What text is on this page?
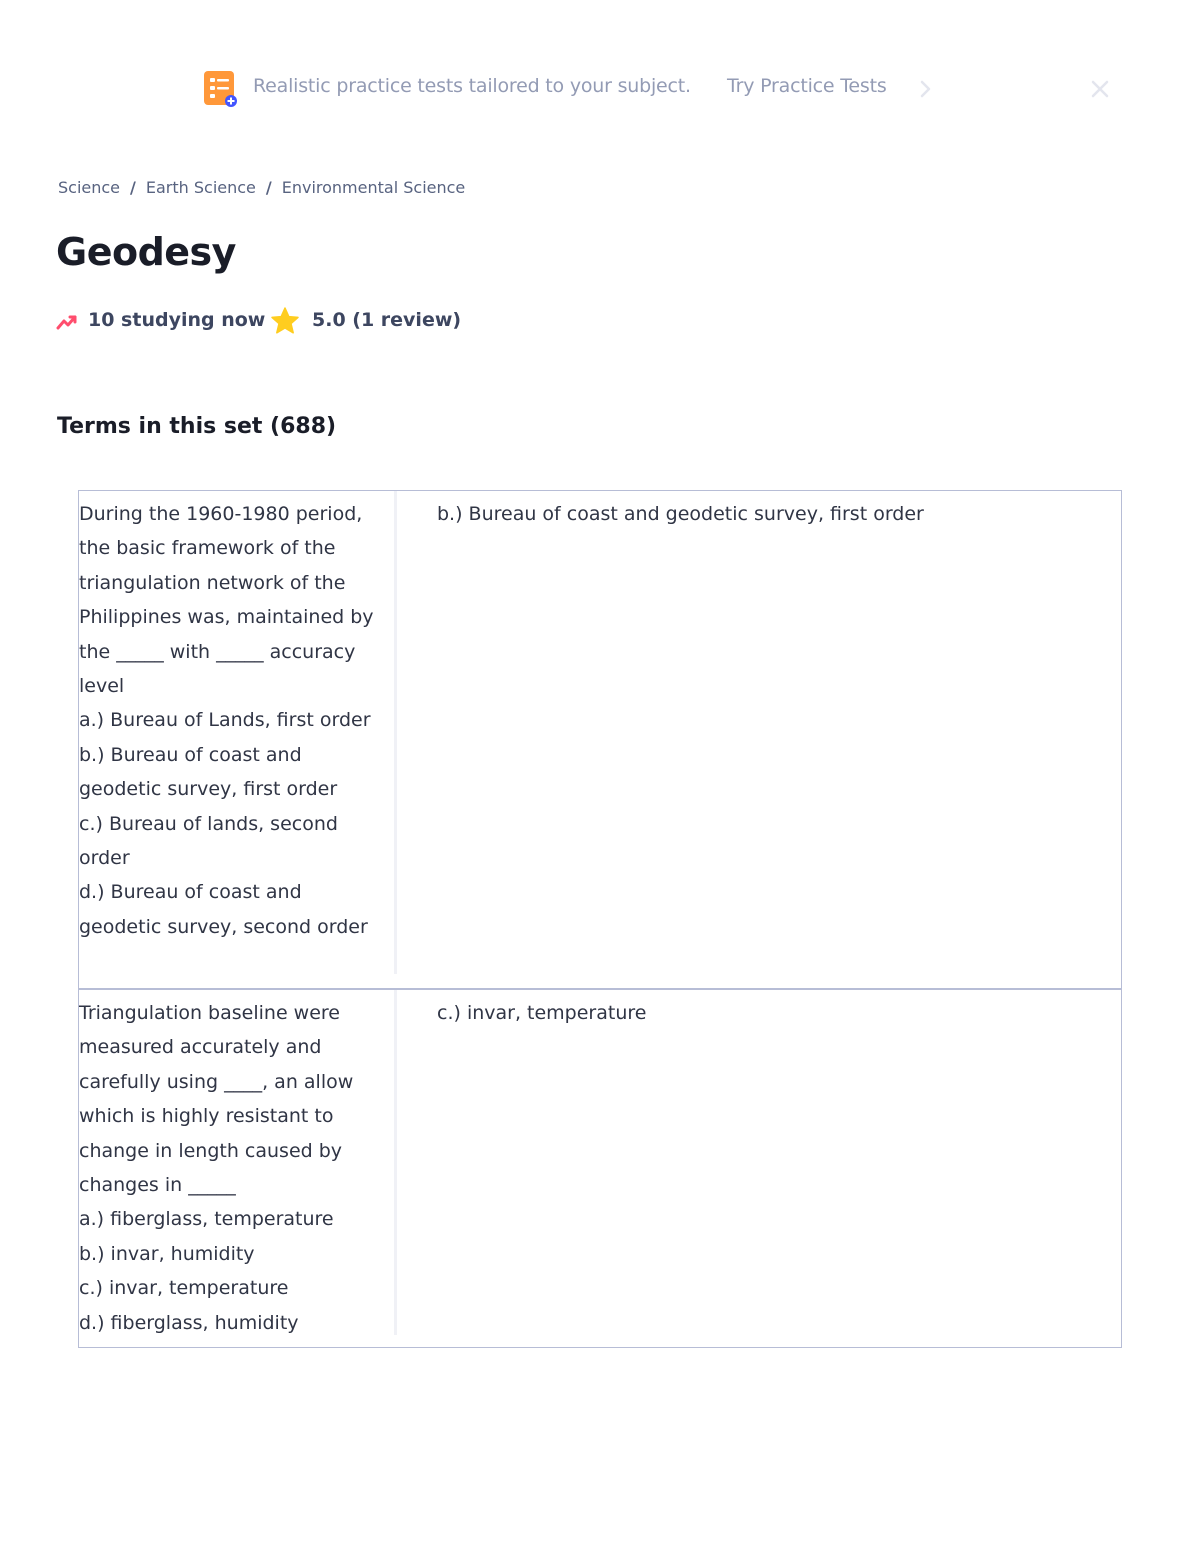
Realistic practice tests tailored to your subject. Try Practice Tests
Science / Earth Science / Environmental Science
Geodesy
10 studying now 5.0 (1 review)
Terms in this set (688)
During the 1960-1980 period, the basic framework of the triangulation network of the Philippines was, maintained by the _____ with _____ accuracy level
a.) Bureau of Lands, first order
b.) Bureau of coast and geodetic survey, first order
c.) Bureau of lands, second order
d.) Bureau of coast and geodetic survey, second order
b.) Bureau of coast and geodetic survey, first order
Triangulation baseline were measured accurately and carefully using ____, an allow which is highly resistant to change in length caused by changes in _____
a.) fiberglass, temperature
b.) invar, humidity
c.) invar, temperature
d.) fiberglass, humidity
c.) invar, temperature
